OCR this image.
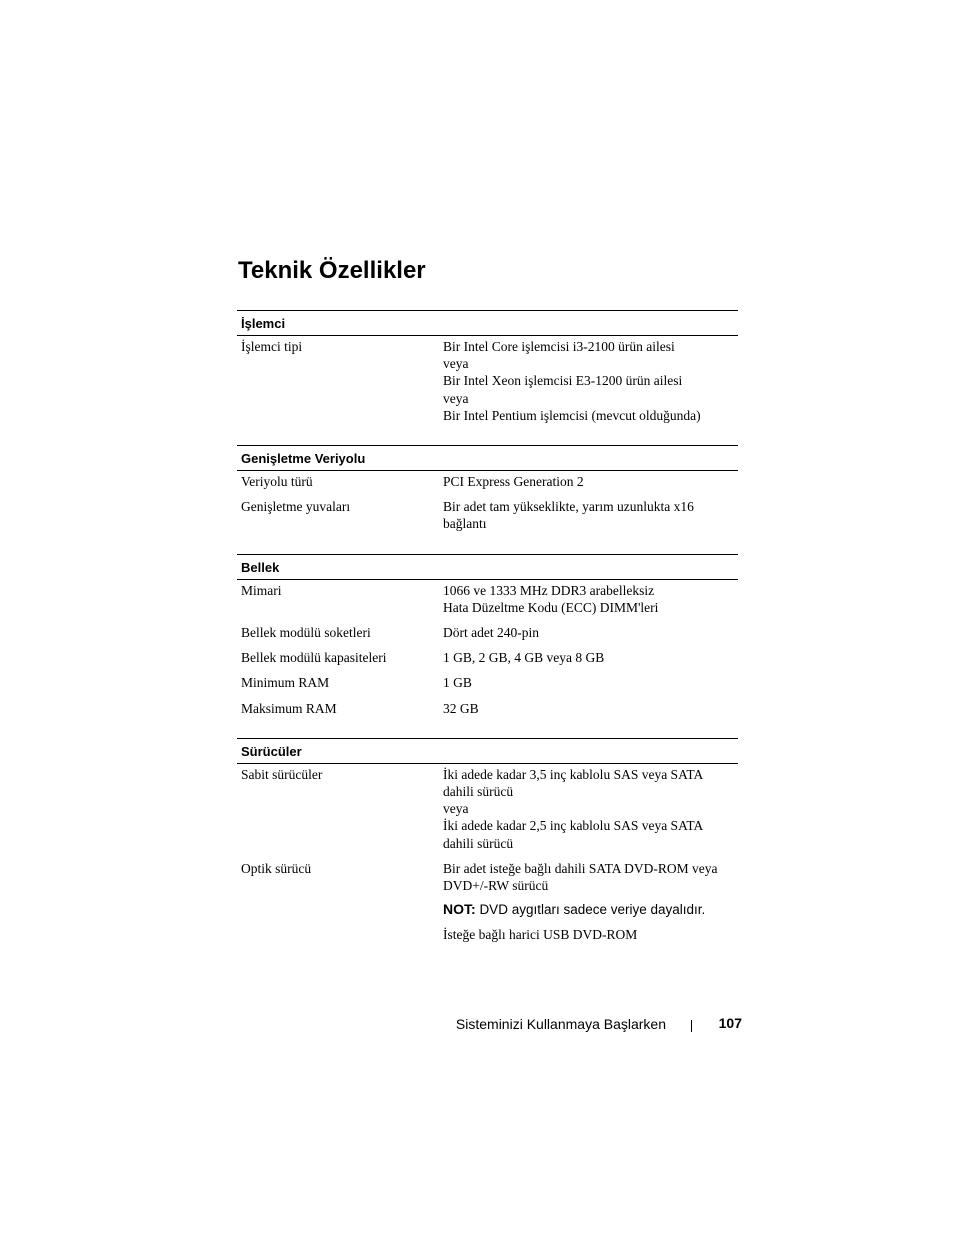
Teknik Özellikler
İşlemci
İşlemci tipi	Bir Intel Core işlemcisi i3-2100 ürün ailesi
veya
Bir Intel Xeon işlemcisi E3-1200 ürün ailesi
veya
Bir Intel Pentium işlemcisi (mevcut olduğunda)
Genişletme Veriyolu
Veriyolu türü	PCI Express Generation 2
Genişletme yuvaları	Bir adet tam yükseklikte, yarım uzunlukta x16
bağlantı
Bellek
Mimari	1066 ve 1333 MHz DDR3 arabelleksiz
Hata Düzeltme Kodu (ECC) DIMM'leri
Bellek modülü soketleri	Dört adet 240-pin
Bellek modülü kapasiteleri	1 GB, 2 GB, 4 GB veya 8 GB
Minimum RAM	1 GB
Maksimum RAM	32 GB
Sürücüler
Sabit sürücüler	İki adede kadar 3,5 inç kablolu SAS veya SATA
dahili sürücü
veya
İki adede kadar 2,5 inç kablolu SAS veya SATA
dahili sürücü
Optik sürücü	Bir adet isteğe bağlı dahili SATA DVD-ROM veya
DVD+/-RW sürücü
NOT: DVD aygıtları sadece veriye dayalıdır.
İsteğe bağlı harici USB DVD-ROM
Sisteminizi Kullanmaya Başlarken	107
